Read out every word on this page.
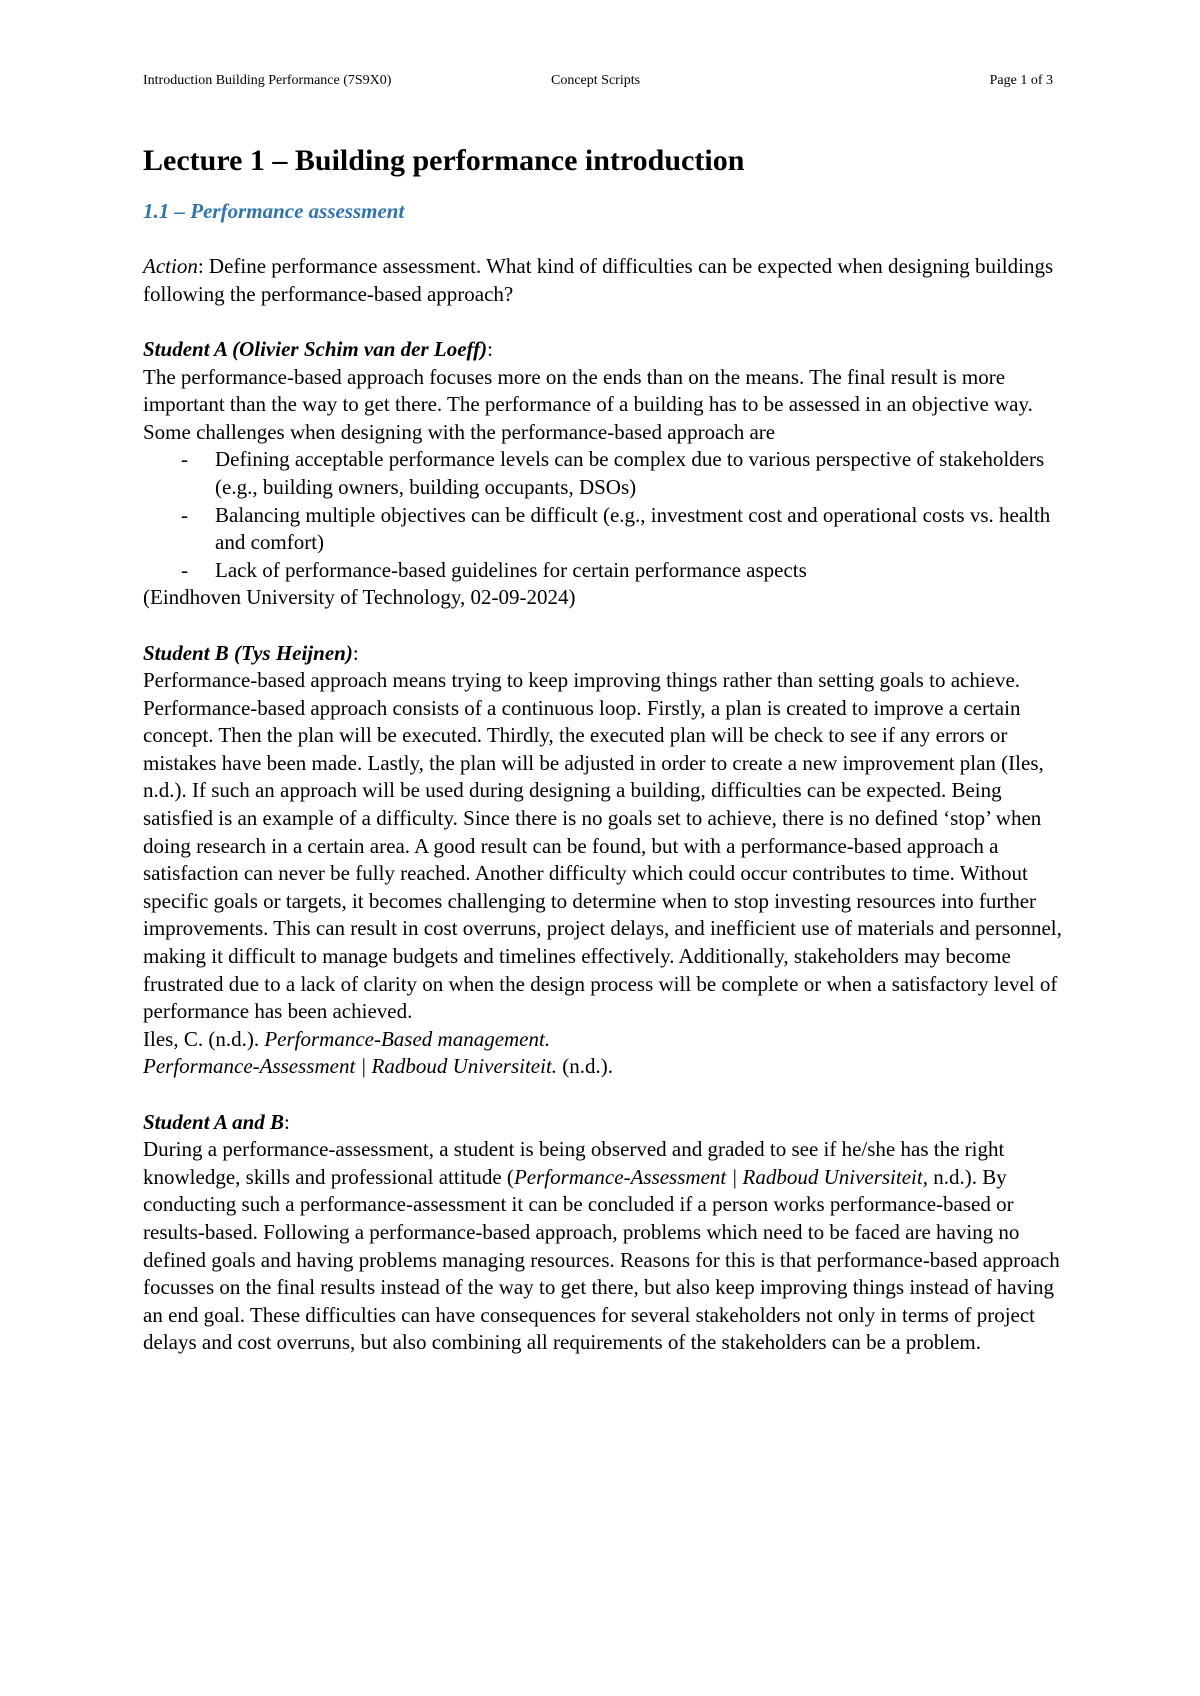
Introduction Building Performance (7S9X0)	Concept Scripts	Page 1 of 3
Lecture 1 – Building performance introduction
1.1 – Performance assessment

Action: Define performance assessment. What kind of difficulties can be expected when designing buildings following the performance-based approach?

Student A (Olivier Schim van der Loeff):

The performance-based approach focuses more on the ends than on the means. The final result is more important than the way to get there. The performance of a building has to be assessed in an objective way.

Some challenges when designing with the performance-based approach are

- Defining acceptable performance levels can be complex due to various perspective of stakeholders (e.g., building owners, building occupants, DSOs)
- Balancing multiple objectives can be difficult (e.g., investment cost and operational costs vs. health and comfort)
- Lack of performance-based guidelines for certain performance aspects

(Eindhoven University of Technology, 02-09-2024)

Student B (Tys Heijnen):

Performance-based approach means trying to keep improving things rather than setting goals to achieve. Performance-based approach consists of a continuous loop. Firstly, a plan is created to improve a certain concept. Then the plan will be executed. Thirdly, the executed plan will be check to see if any errors or mistakes have been made. Lastly, the plan will be adjusted in order to create a new improvement plan (Iles, n.d.). If such an approach will be used during designing a building, difficulties can be expected. Being satisfied is an example of a difficulty. Since there is no goals set to achieve, there is no defined ‘stop’ when doing research in a certain area. A good result can be found, but with a performance-based approach a satisfaction can never be fully reached. Another difficulty which could occur contributes to time. Without specific goals or targets, it becomes challenging to determine when to stop investing resources into further improvements. This can result in cost overruns, project delays, and inefficient use of materials and personnel, making it difficult to manage budgets and timelines effectively. Additionally, stakeholders may become frustrated due to a lack of clarity on when the design process will be complete or when a satisfactory level of performance has been achieved.

Iles, C. (n.d.). Performance-Based management.

Performance-Assessment | Radboud Universiteit. (n.d.).

Student A and B:

During a performance-assessment, a student is being observed and graded to see if he/she has the right knowledge, skills and professional attitude (Performance-Assessment | Radboud Universiteit, n.d.). By conducting such a performance-assessment it can be concluded if a person works performance-based or results-based. Following a performance-based approach, problems which need to be faced are having no defined goals and having problems managing resources. Reasons for this is that performance-based approach focusses on the final results instead of the way to get there, but also keep improving things instead of having an end goal. These difficulties can have consequences for several stakeholders not only in terms of project delays and cost overruns, but also combining all requirements of the stakeholders can be a problem.
